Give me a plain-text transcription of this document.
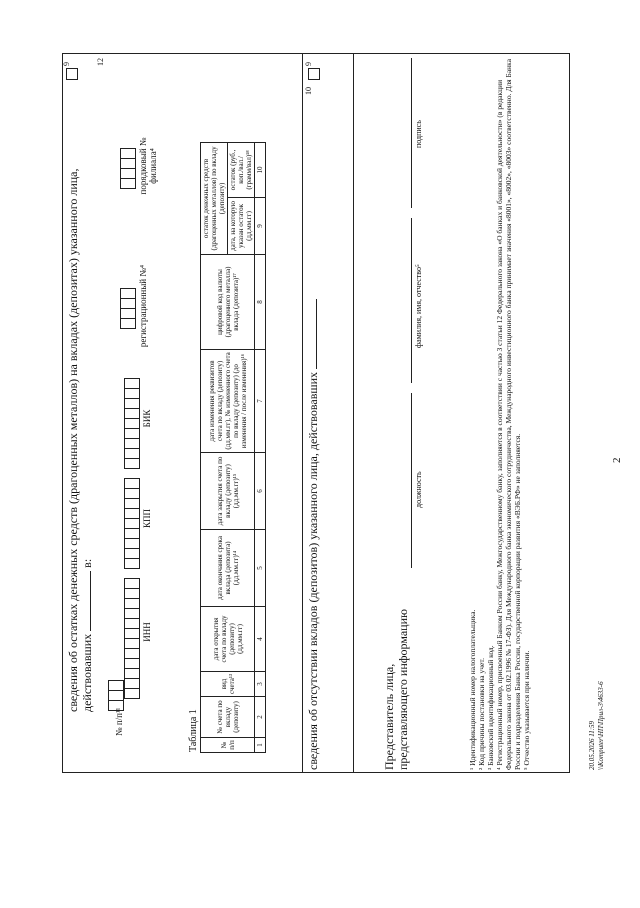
2
сведения об остатках денежных средств (драгоценных металлов) на вкладах (депозитах) указанного лица,
действовавших  в:
9	12
№ п/п¹¹
ИНН
КПП
БИК
регистрационный №⁴
порядковый № филиала⁴
Таблица 1	№ п/п	№ счета по вкладу (депозиту)	вид счета¹³	дата открытия счета по вкладу (депозиту) (дд.мм.гг)	дата окончания срока вклада (депозита) (дд.мм.гг)¹⁴	дата закрытия счета по вкладу (депозиту) (дд.мм.гг)¹⁵	дата изменения реквизитов счета по вкладу (депозиту) (дд.мм.гг), № измененного счета по вкладу (депозиту) (до изменения / после изменения)¹⁶	цифровой код валюты (драгоценного металла) вклада (депозита)¹⁷	остаток денежных средств (драгоценных металлов) по вкладу (депозиту)	
								дата, на которую указан остаток (дд.мм.гг)	остаток (руб., коп./вал./ (грамм/вал)¹⁸
1	2	3	4	5	6	7	8	9	10
сведения об отсутствии вкладов (депозитов) указанного лица, действовавших
10
9
Представитель лица, представляющего информацию
должность
фамилия, имя, отчество⁵
подпись

¹ Идентификационный номер налогоплательщика. ² Код причины постановки на учет. ³ Банковский идентификационный код. ⁴ Регистрационный номер, присвоенный Банком России банку, Межгосударственному банку, заполняется в соответствии с частью 3 статьи 12 Федерального закона «О банках и банковской деятельности» (в редакции Федерального закона от 03.02.1996 № 17-ФЗ). Для Международного банка экономического сотрудничества, Международного инвестиционного банка принимает значения «8001», «8002», «8003» соответственно. Для Банка России и подразделения Банка России, государственной корпорации развития «ВЭБ.РФ» не заполняется. ⁵ Отчество указывается при наличии.	20.05.2026 11:59 \\Komputer\НП\Прил-3\4633-6
